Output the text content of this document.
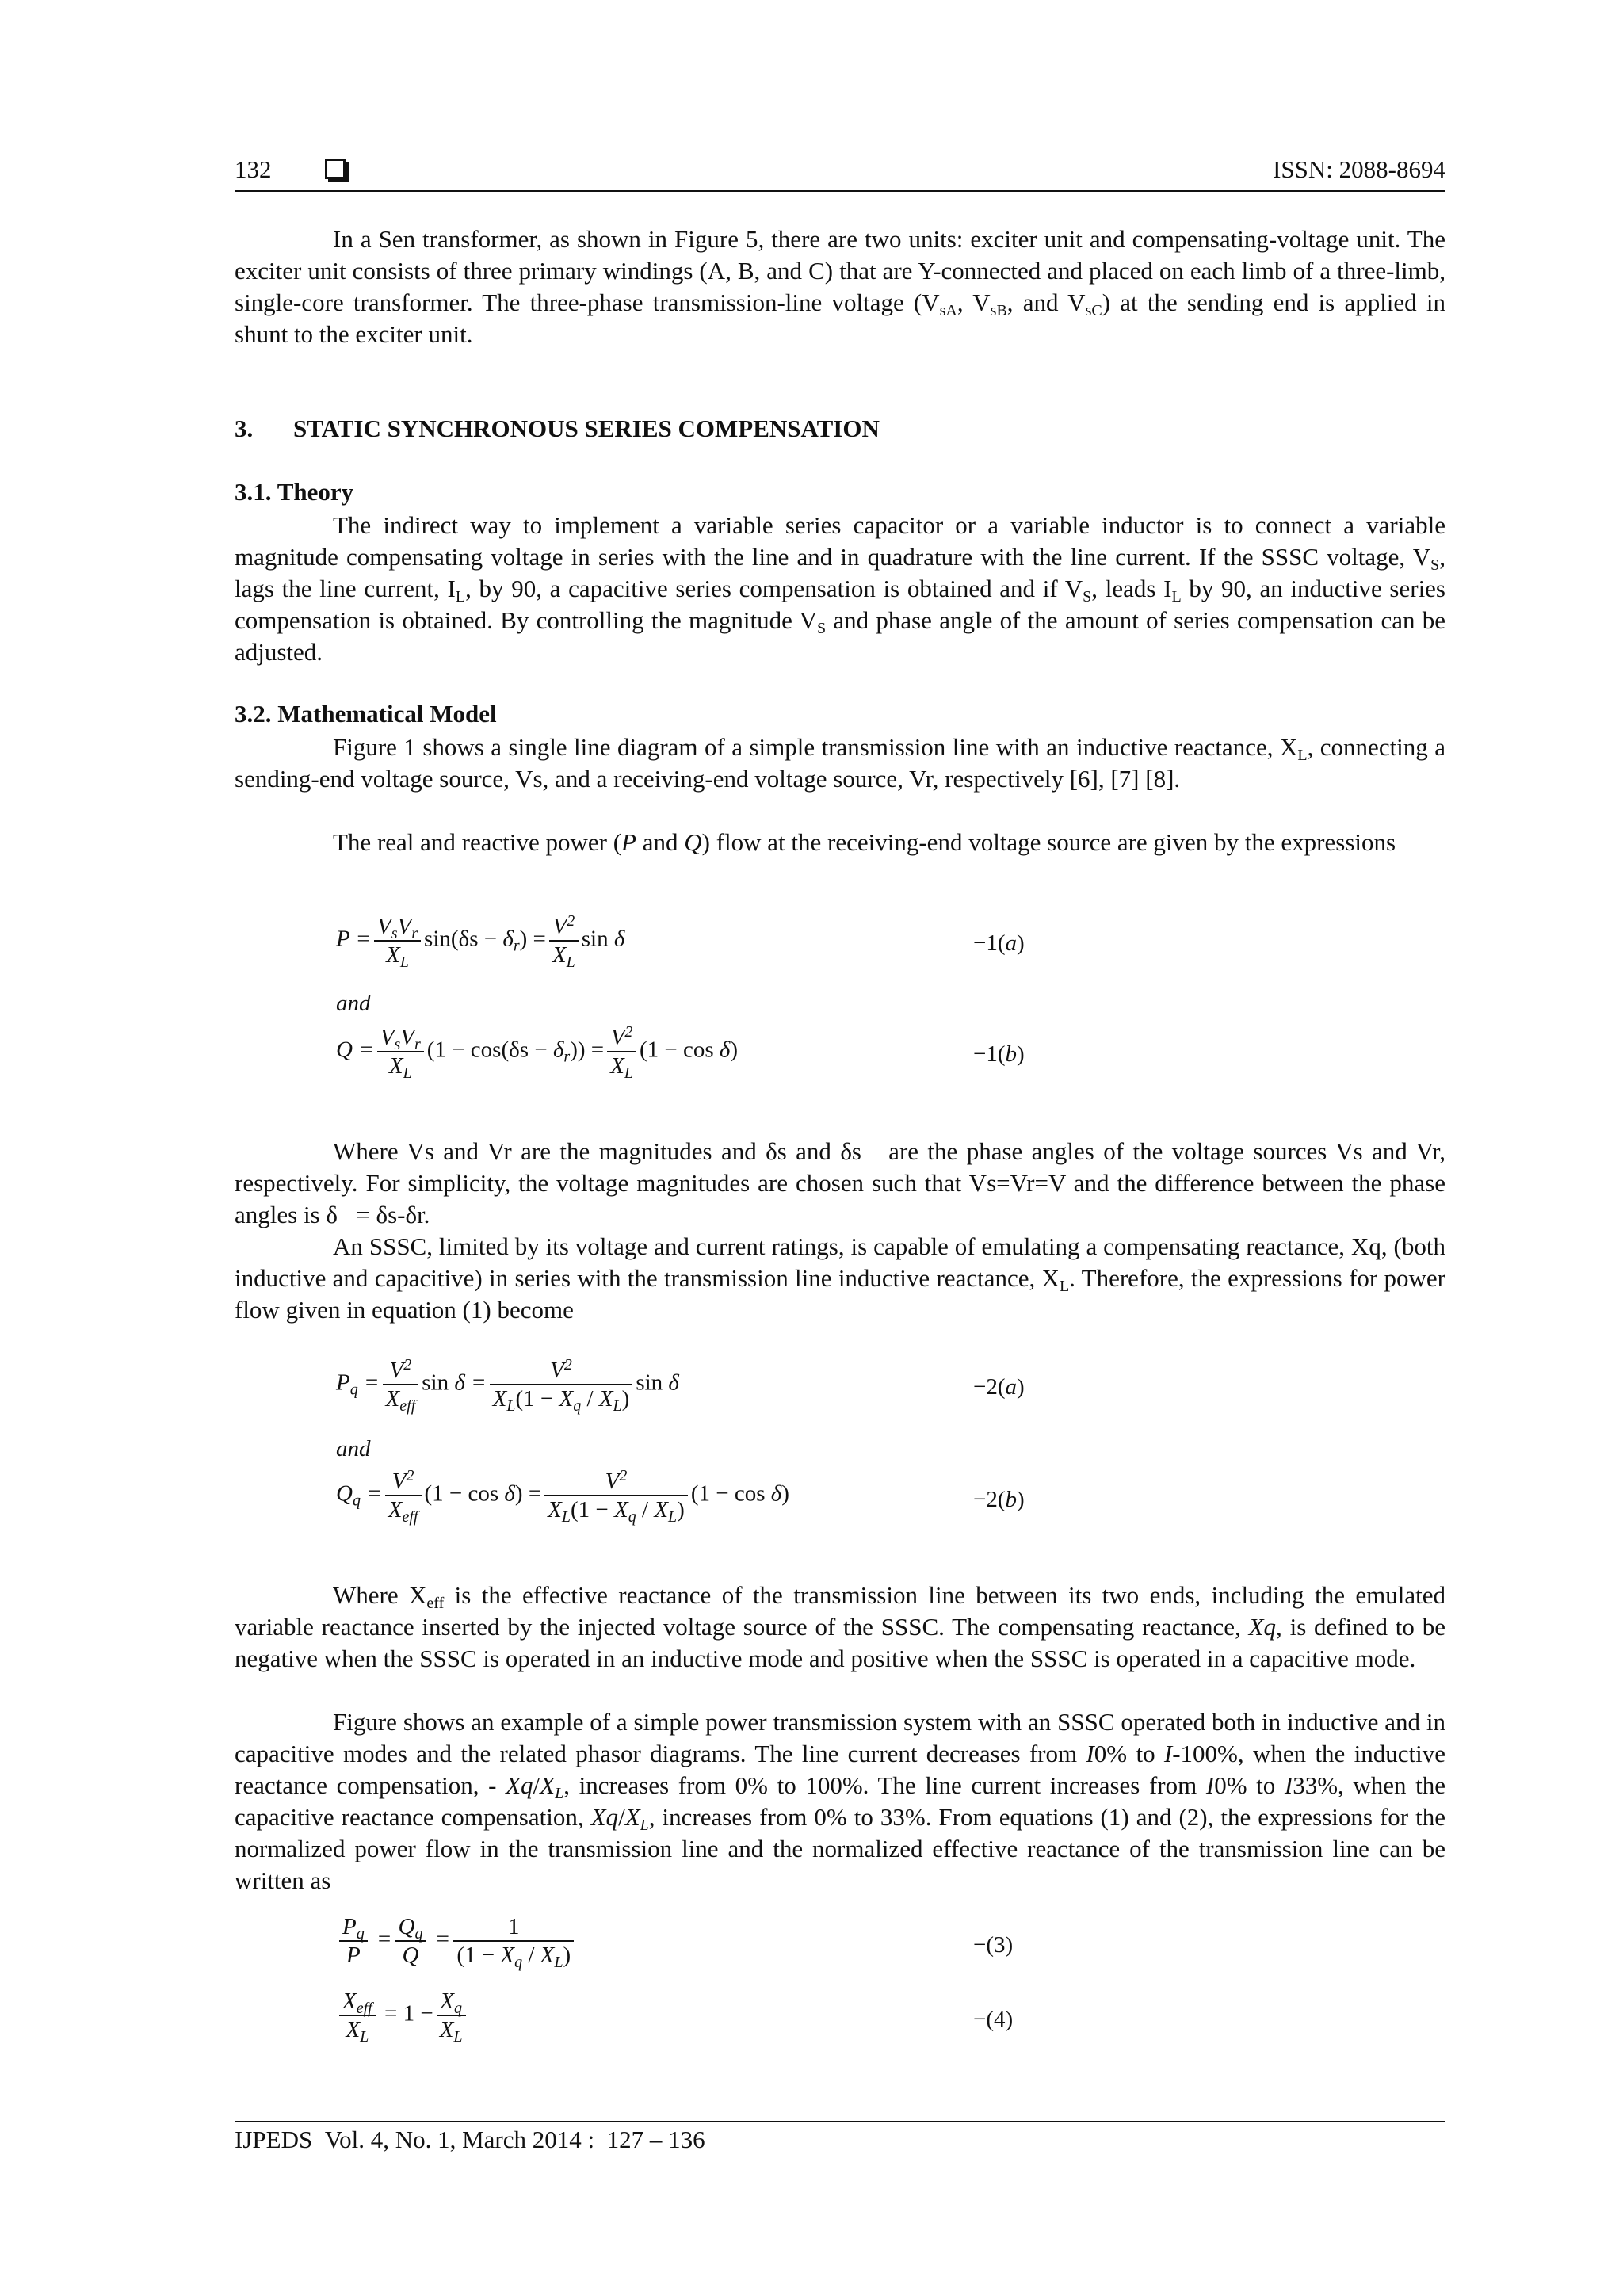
132	ISSN: 2088-8694

In a Sen transformer, as shown in Figure 5, there are two units: exciter unit and compensating-voltage unit. The exciter unit consists of three primary windings (A, B, and C) that are Y-connected and placed on each limb of a three-limb, single-core transformer. The three-phase transmission-line voltage ($V_{sA}$, $V_{sB}$, and $V_{sC}$) at the sending end is applied in shunt to the exciter unit.

3. STATIC SYNCHRONOUS SERIES COMPENSATION

3.1. Theory

The indirect way to implement a variable series capacitor or a variable inductor is to connect a variable magnitude compensating voltage in series with the line and in quadrature with the line current. If the SSSC voltage, $V_S$, lags the line current, $I_L$, by 90, a capacitive series compensation is obtained and if $V_S$, leads $I_L$ by 90, an inductive series compensation is obtained. By controlling the magnitude $V_S$ and phase angle of the amount of series compensation can be adjusted.

3.2. Mathematical Model

Figure 1 shows a single line diagram of a simple transmission line with an inductive reactance, $X_L$, connecting a sending-end voltage source, Vs, and a receiving-end voltage source, Vr, respectively [6], [7] [8].

The real and reactive power (P and Q) flow at the receiving-end voltage source are given by the expressions

$P = \frac{V_sV_r}{X_L} \sin(\delta s - \delta_r) = \frac{V^2}{X_L}$ sin δ	−1(a)
and
$Q = \frac{V_sV_r}{X_L} (1 - \cos(\delta s - \delta_r)) = \frac{V^2}{X_L} (1 - \cos \delta)$	−1(b)

Where Vs and Vr are the magnitudes and δs and δs   are the phase angles of the voltage sources Vs and Vr, respectively. For simplicity, the voltage magnitudes are chosen such that Vs=Vr=V and the difference between the phase angles is δ   = δs-δr.

An SSSC, limited by its voltage and current ratings, is capable of emulating a compensating reactance, Xq, (both inductive and capacitive) in series with the transmission line inductive reactance, $X_L$. Therefore, the expressions for power flow given in equation (1) become

$P_q = \frac{V^2}{X_{eff}}$ $\sin \delta = \frac{V^2}{X_L(1 - X_q / X_L)}$ sin δ	−2(a)
and
$Q_q = \frac{V^2}{X_{eff}} (1 - \cos \delta) = \frac{V^2}{X_L(1 - X_q / X_L)} (1 - \cos \delta)$	−2(b)

Where $X_{eff}$ is the effective reactance of the transmission line between its two ends, including the emulated variable reactance inserted by the injected voltage source of the SSSC. The compensating reactance, Xq, is defined to be negative when the SSSC is operated in an inductive mode and positive when the SSSC is operated in a capacitive mode.

Figure shows an example of a simple power transmission system with an SSSC operated both in inductive and in capacitive modes and the related phasor diagrams. The line current decreases from I0% to I-100%, when the inductive reactance compensation, - $Xq/X_L$, increases from 0% to 100%. The line current increases from I0% to I33%, when the capacitive reactance compensation, $Xq/X_L$, increases from 0% to 33%. From equations (1) and (2), the expressions for the normalized power flow in the transmission line and the normalized effective reactance of the transmission line can be written as

$\frac{P_q}{P} = \frac{Q_q}{Q} = \frac{1}{(1 - X_q / X_L)}$	−(3)
$\frac{X_{eff}}{X_L} = 1 - \frac{X_q}{X_L}$	−(4)
IJPEDS  Vol. 4, No. 1, March 2014 :  127 – 136
